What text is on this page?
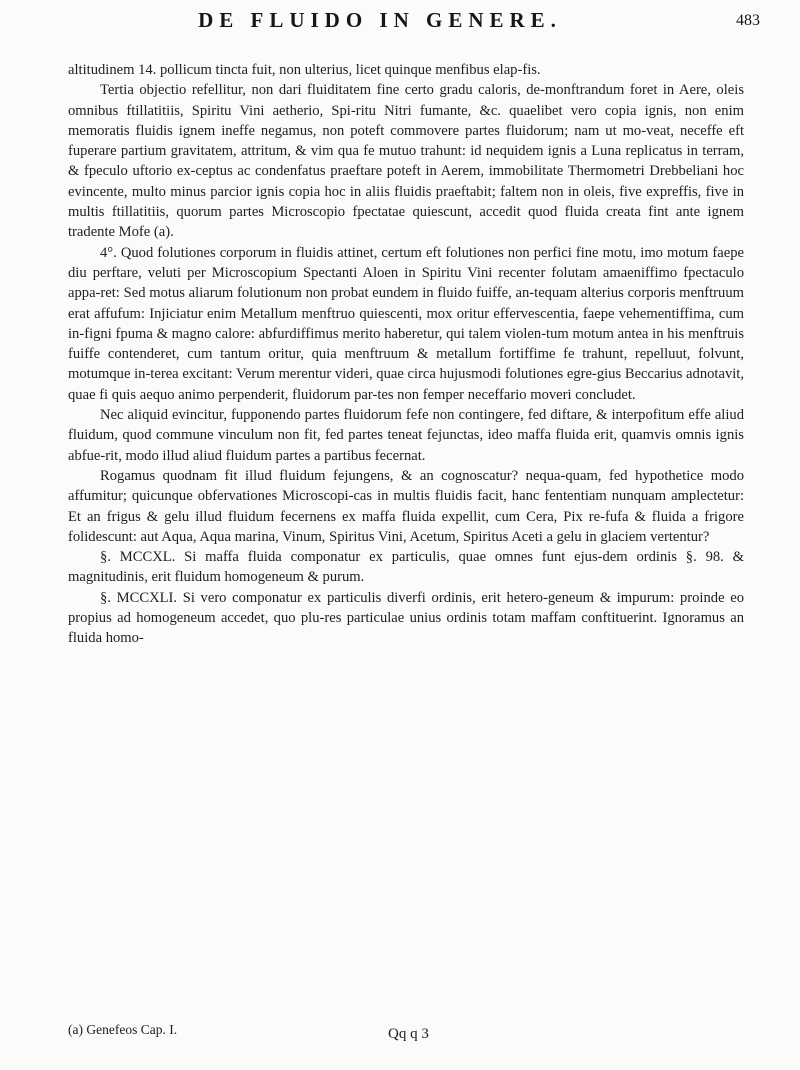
DE FLUIDO IN GENERE.	483

altitudinem 14. pollicum tincta fuit, non ulterius, licet quinque menfibus elap-fis.

Tertia objectio refellitur, non dari fluiditatem fine certo gradu caloris, de-monftrandum foret in Aere, oleis omnibus ftillatitiis, Spiritu Vini aetherio, Spi-ritu Nitri fumante, &c. quaelibet vero copia ignis, non enim memoratis fluidis ignem ineffe negamus, non poteft commovere partes fluidorum; nam ut mo-veat, neceffe eft fuperare partium gravitatem, attritum, & vim qua fe mutuo trahunt: id nequidem ignis a Luna replicatus in terram, & fpeculo uftorio ex-ceptus ac condenfatus praeftare poteft in Aerem, immobilitate Thermometri Drebbeliani hoc evincente, multo minus parcior ignis copia hoc in aliis fluidis praeftabit; faltem non in oleis, five expreffis, five in multis ftillatitiis, quorum partes Microscopio fpectatae quiescunt, accedit quod fluida creata fint ante ignem tradente Mofe (a).

4°. Quod folutiones corporum in fluidis attinet, certum eft folutiones non perfici fine motu, imo motum faepe diu perftare, veluti per Microscopium Spectanti Aloen in Spiritu Vini recenter folutam amaeniffimo fpectaculo appa-ret: Sed motus aliarum folutionum non probat eundem in fluido fuiffe, an-tequam alterius corporis menftruum erat affufum: Injiciatur enim Metallum menftruo quiescenti, mox oritur effervescentia, faepe vehementiffima, cum in-figni fpuma & magno calore: abfurdiffimus merito haberetur, qui talem violen-tum motum antea in his menftruis fuiffe contenderet, cum tantum oritur, quia menftruum & metallum fortiffime fe trahunt, repelluut, folvunt, motumque in-terea excitant: Verum merentur videri, quae circa hujusmodi folutiones egre-gius Beccarius adnotavit, quae fi quis aequo animo perpenderit, fluidorum par-tes non femper neceffario moveri concludet.

Nec aliquid evincitur, fupponendo partes fluidorum fefe non contingere, fed diftare, & interpofitum effe aliud fluidum, quod commune vinculum non fit, fed partes teneat fejunctas, ideo maffa fluida erit, quamvis omnis ignis abfue-rit, modo illud aliud fluidum partes a partibus fecernat.

Rogamus quodnam fit illud fluidum fejungens, & an cognoscatur? nequa-quam, fed hypothetice modo affumitur; quicunque obfervationes Microscopi-cas in multis fluidis facit, hanc fententiam nunquam amplectetur: Et an frigus & gelu illud fluidum fecernens ex maffa fluida expellit, cum Cera, Pix re-fufa & fluida a frigore folidescunt: aut Aqua, Aqua marina, Vinum, Spiritus Vini, Acetum, Spiritus Aceti a gelu in glaciem vertentur?

§. MCCXL. Si maffa fluida componatur ex particulis, quae omnes funt ejus-dem ordinis §. 98. & magnitudinis, erit fluidum homogeneum & purum.

§. MCCXLI. Si vero componatur ex particulis diverfi ordinis, erit hetero-geneum & impurum: proinde eo propius ad homogeneum accedet, quo plu-res particulae unius ordinis totam maffam conftituerint. Ignoramus an fluida homo-

(a) Genefeos Cap. I.	Qq q 3
